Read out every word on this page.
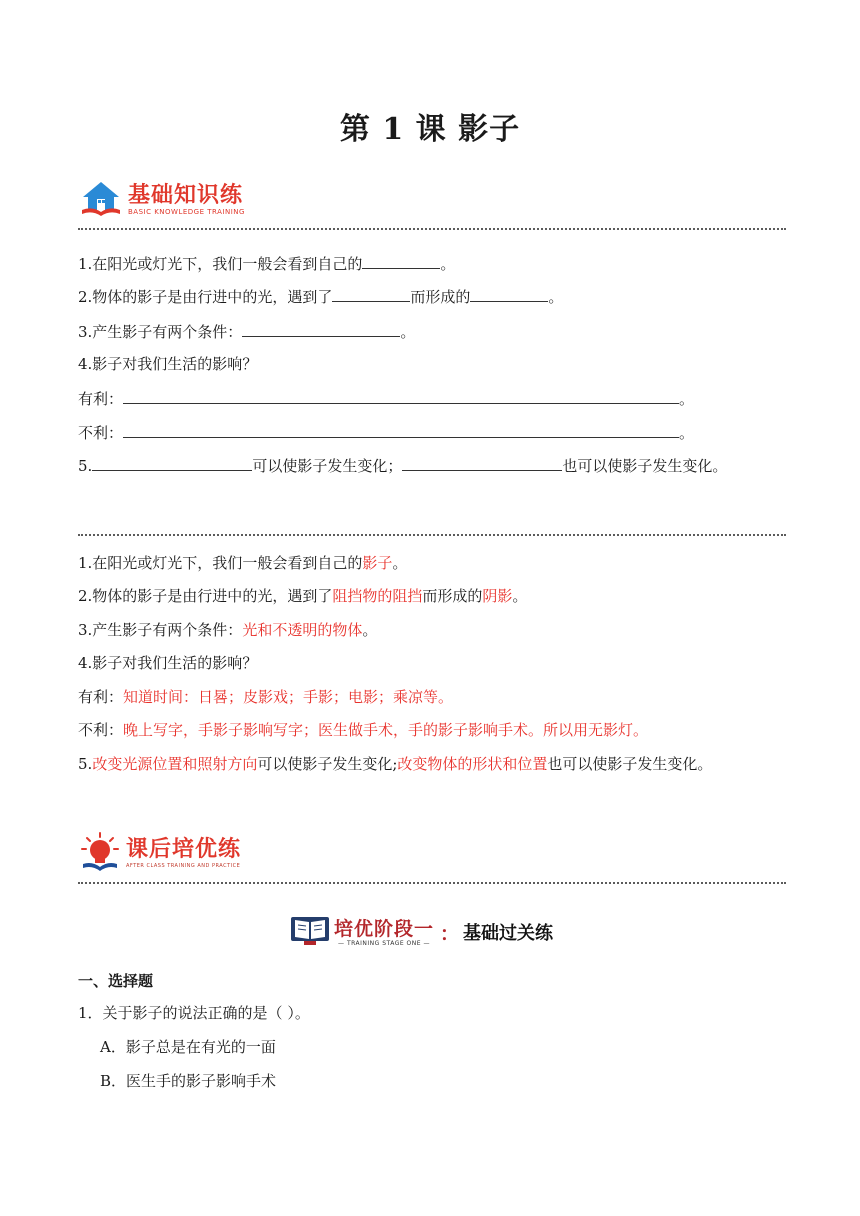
第 1 课 影子
基础知识练
BASIC KNOWLEDGE TRAINING
1.在阳光或灯光下，我们一般会看到自己的	。
2.物体的影子是由行进中的光，遇到了	而形成的	。
3.产生影子有两个条件：	。
4.影子对我们生活的影响？
有利：	。
不利：	。
5.	可以使影子发生变化；	也可以使影子发生变化。
1.在阳光或灯光下，我们一般会看到自己的影子。
2.物体的影子是由行进中的光，遇到了阻挡物的阻挡而形成的阴影。
3.产生影子有两个条件：光和不透明的物体。
4.影子对我们生活的影响？
有利：知道时间：日晷；皮影戏；手影；电影；乘凉等。
不利：晚上写字，手影子影响写字；医生做手术，手的影子影响手术。所以用无影灯。
5.改变光源位置和照射方向可以使影子发生变化;改变物体的形状和位置也可以使影子发生变化。
课后培优练
AFTER CLASS TRAINING AND PRACTICE
培优阶段一
— TRAINING STAGE ONE — ： 基础过关练
一、选择题
1．关于影子的说法正确的是（ ）。
A．影子总是在有光的一面
B．医生手的影子影响手术
